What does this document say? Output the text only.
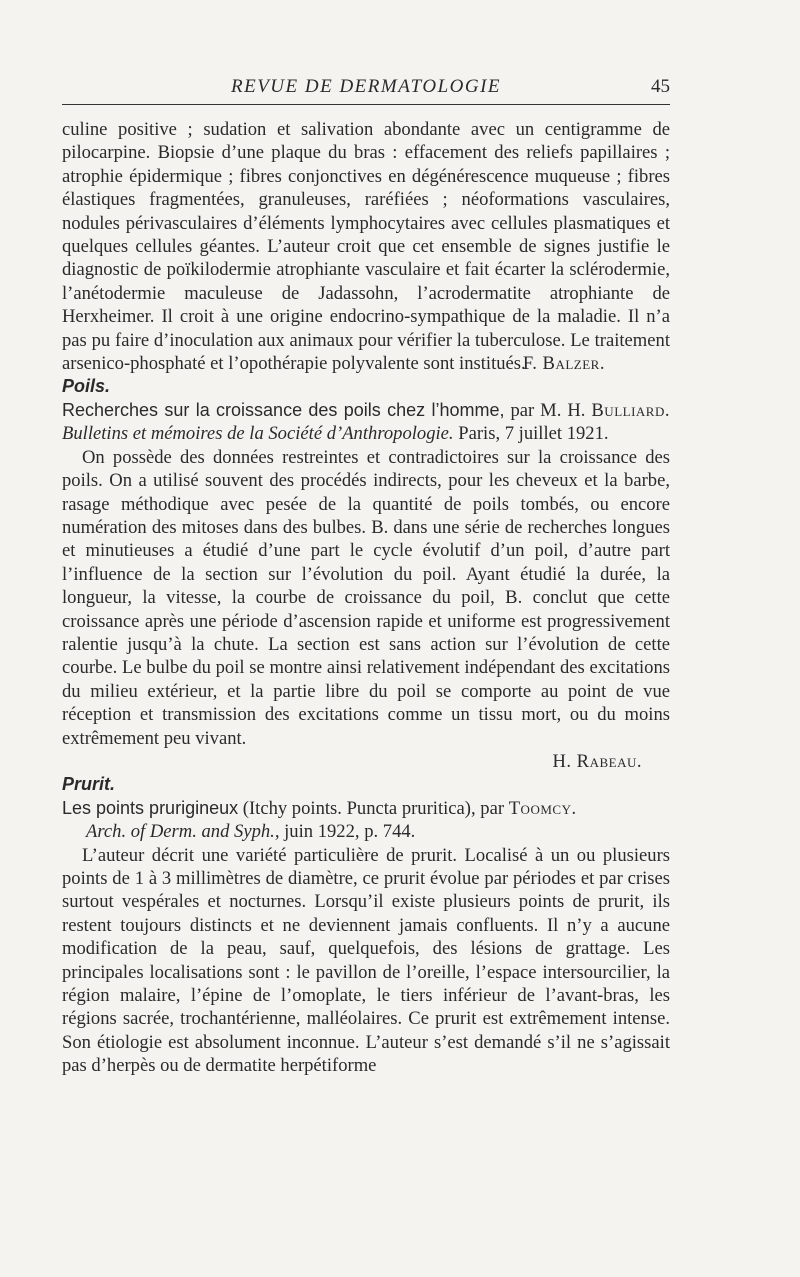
REVUE DE DERMATOLOGIE	45

culine positive ; sudation et salivation abondante avec un centigramme de pilocarpine. Biopsie d’une plaque du bras : effacement des reliefs papillaires ; atrophie épidermique ; fibres conjonctives en dégénérescence muqueuse ; fibres élastiques fragmentées, granuleuses, raréfiées ; néoformations vasculaires, nodules périvasculaires d’éléments lymphocytaires avec cellules plasmatiques et quelques cellules géantes. L’auteur croit que cet ensemble de signes justifie le diagnostic de poïkilodermie atrophiante vasculaire et fait écarter la sclérodermie, l’anétodermie maculeuse de Jadassohn, l’acrodermatite atrophiante de Herxheimer. Il croit à une origine endocrino-sympathique de la maladie. Il n’a pas pu faire d’inoculation aux animaux pour vérifier la tuberculose. Le traitement arsenico-phosphaté et l’opothérapie polyvalente sont institués.

F. Balzer.

Poils.

Recherches sur la croissance des poils chez l’homme, par M. H. Bulliard. Bulletins et mémoires de la Société d’Anthropologie. Paris, 7 juillet 1921.

On possède des données restreintes et contradictoires sur la croissance des poils. On a utilisé souvent des procédés indirects, pour les cheveux et la barbe, rasage méthodique avec pesée de la quantité de poils tombés, ou encore numération des mitoses dans des bulbes. B. dans une série de recherches longues et minutieuses a étudié d’une part le cycle évolutif d’un poil, d’autre part l’influence de la section sur l’évolution du poil. Ayant étudié la durée, la longueur, la vitesse, la courbe de croissance du poil, B. conclut que cette croissance après une période d’ascension rapide et uniforme est progressivement ralentie jusqu’à la chute. La section est sans action sur l’évolution de cette courbe. Le bulbe du poil se montre ainsi relativement indépendant des excitations du milieu extérieur, et la partie libre du poil se comporte au point de vue réception et transmission des excitations comme un tissu mort, ou du moins extrêmement peu vivant.

H. Rabeau.

Prurit.

Les points prurigineux (Itchy points. Puncta pruritica), par Toomcy.
Arch. of Derm. and Syph., juin 1922, p. 744.

L’auteur décrit une variété particulière de prurit. Localisé à un ou plusieurs points de 1 à 3 millimètres de diamètre, ce prurit évolue par périodes et par crises surtout vespérales et nocturnes. Lorsqu’il existe plusieurs points de prurit, ils restent toujours distincts et ne deviennent jamais confluents. Il n’y a aucune modification de la peau, sauf, quelquefois, des lésions de grattage. Les principales localisations sont : le pavillon de l’oreille, l’espace intersourcilier, la région malaire, l’épine de l’omoplate, le tiers inférieur de l’avant-bras, les régions sacrée, trochantérienne, malléolaires. Ce prurit est extrêmement intense. Son étiologie est absolument inconnue. L’auteur s’est demandé s’il ne s’agissait pas d’herpès ou de dermatite herpétiforme
